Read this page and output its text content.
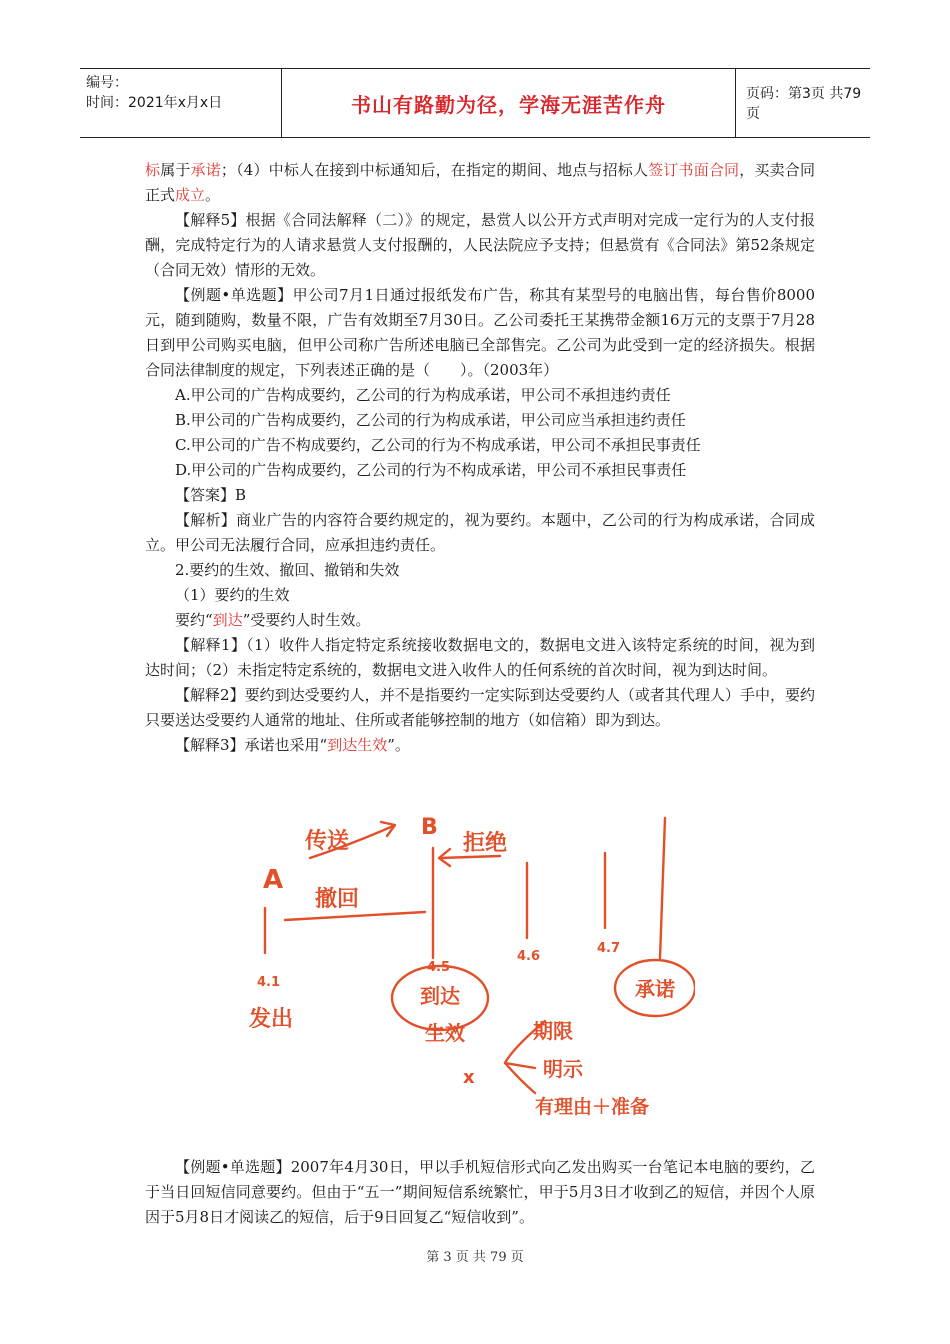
编号：
时间：2021年x月x日	书山有路勤为径，学海无涯苦作舟	页码：第3页 共79页

标属于承诺；（4）中标人在接到中标通知后，在指定的期间、地点与招标人签订书面合同，买卖合同正式成立。

【解释5】根据《合同法解释（二）》的规定，悬赏人以公开方式声明对完成一定行为的人支付报酬，完成特定行为的人请求悬赏人支付报酬的，人民法院应予支持；但悬赏有《合同法》第52条规定（合同无效）情形的无效。

【例题•单选题】甲公司7月1日通过报纸发布广告，称其有某型号的电脑出售，每台售价8000元，随到随购，数量不限，广告有效期至7月30日。乙公司委托王某携带金额16万元的支票于7月28日到甲公司购买电脑，但甲公司称广告所述电脑已全部售完。乙公司为此受到一定的经济损失。根据合同法律制度的规定，下列表述正确的是（　　）。（2003年）

A.甲公司的广告构成要约，乙公司的行为构成承诺，甲公司不承担违约责任

B.甲公司的广告构成要约，乙公司的行为构成承诺，甲公司应当承担违约责任

C.甲公司的广告不构成要约，乙公司的行为不构成承诺，甲公司不承担民事责任

D.甲公司的广告构成要约，乙公司的行为不构成承诺，甲公司不承担民事责任

【答案】B

【解析】商业广告的内容符合要约规定的，视为要约。本题中，乙公司的行为构成承诺，合同成立。甲公司无法履行合同，应承担违约责任。

2.要约的生效、撤回、撤销和失效

（1）要约的生效

要约“到达”受要约人时生效。

【解释1】（1）收件人指定特定系统接收数据电文的，数据电文进入该特定系统的时间，视为到达时间；（2）未指定特定系统的，数据电文进入收件人的任何系统的首次时间，视为到达时间。

【解释2】要约到达受要约人，并不是指要约一定实际到达受要约人（或者其代理人）手中，要约只要送达受要约人通常的地址、住所或者能够控制的地方（如信箱）即为到达。

【解释3】承诺也采用“到达生效”。

A
B
传送
撤回
拒绝
4.1
4.5
4.6
4.7
发出
到达
生效
承诺
x
期限
明示
有理由＋准备

【例题•单选题】2007年4月30日，甲以手机短信形式向乙发出购买一台笔记本电脑的要约，乙于当日回短信同意要约。但由于“五一”期间短信系统繁忙，甲于5月3日才收到乙的短信，并因个人原因于5月8日才阅读乙的短信，后于9日回复乙“短信收到”。

第 3 页 共 79 页
